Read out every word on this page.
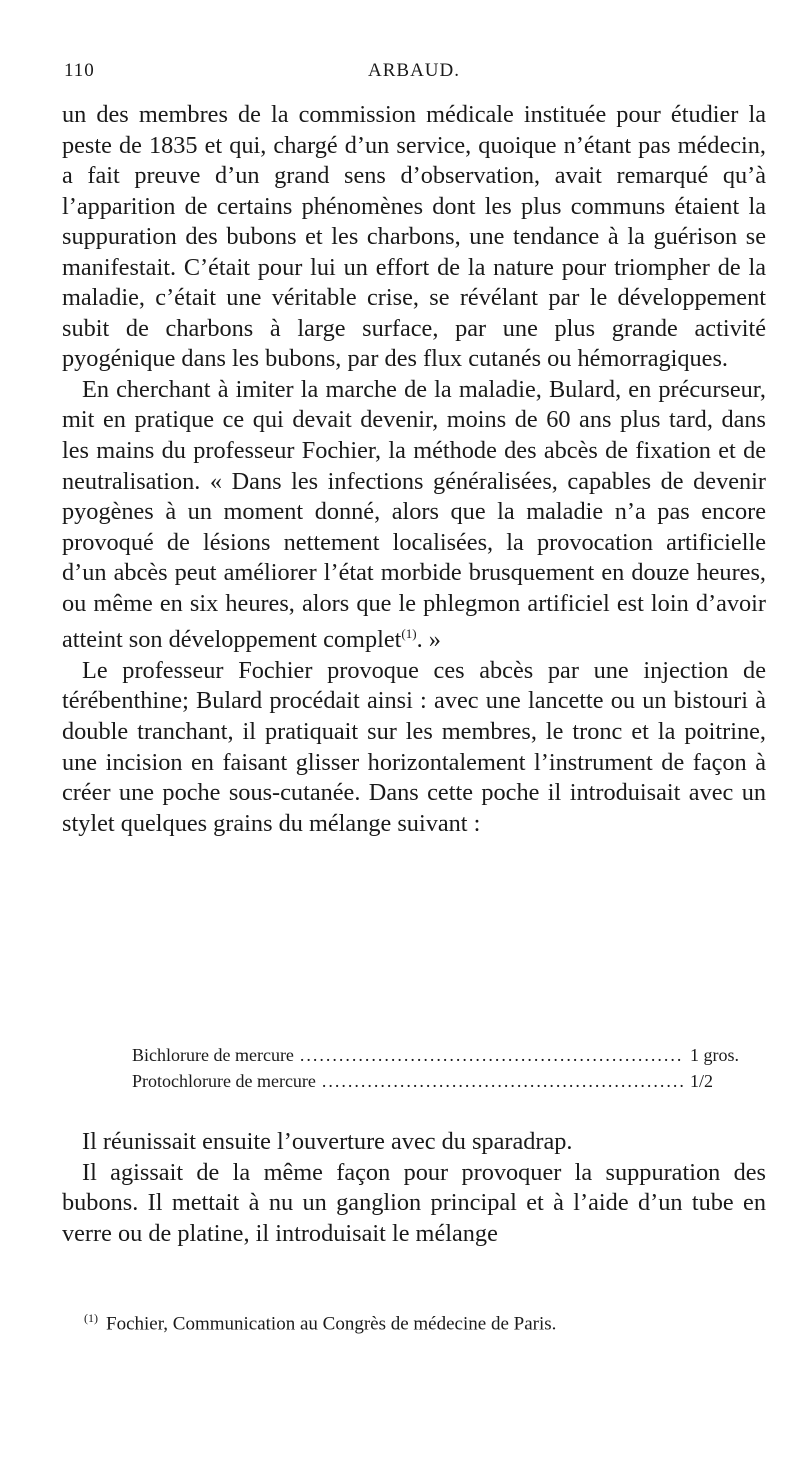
110	ARBAUD.

un des membres de la commission médicale instituée pour étudier la peste de 1835 et qui, chargé d’un service, quoique n’étant pas médecin, a fait preuve d’un grand sens d’observation, avait remarqué qu’à l’apparition de certains phénomènes dont les plus communs étaient la suppuration des bubons et les charbons, une tendance à la guérison se manifestait. C’était pour lui un effort de la nature pour triompher de la maladie, c’était une véritable crise, se révélant par le développement subit de charbons à large surface, par une plus grande activité pyogénique dans les bubons, par des flux cutanés ou hémorragiques.

En cherchant à imiter la marche de la maladie, Bulard, en précurseur, mit en pratique ce qui devait devenir, moins de 60 ans plus tard, dans les mains du professeur Fochier, la méthode des abcès de fixation et de neutralisation. « Dans les infections généralisées, capables de devenir pyogènes à un moment donné, alors que la maladie n’a pas encore provoqué de lésions nettement localisées, la provocation artificielle d’un abcès peut améliorer l’état morbide brusquement en douze heures, ou même en six heures, alors que le phlegmon artificiel est loin d’avoir atteint son développement complet$^{(1)}$. »

Le professeur Fochier provoque ces abcès par une injection de térébenthine; Bulard procédait ainsi : avec une lancette ou un bistouri à double tranchant, il pratiquait sur les membres, le tronc et la poitrine, une incision en faisant glisser horizontalement l’instrument de façon à créer une poche sous-cutanée. Dans cette poche il introduisait avec un stylet quelques grains du mélange suivant :

Bichlorure de mercure .....	1 gros.
Protochlorure de mercure .....	1/2

Il réunissait ensuite l’ouverture avec du sparadrap.

Il agissait de la même façon pour provoquer la suppuration des bubons. Il mettait à nu un ganglion principal et à l’aide d’un tube en verre ou de platine, il introduisait le mélange

$^{(1)}$ Fochier, Communication au Congrès de médecine de Paris.
